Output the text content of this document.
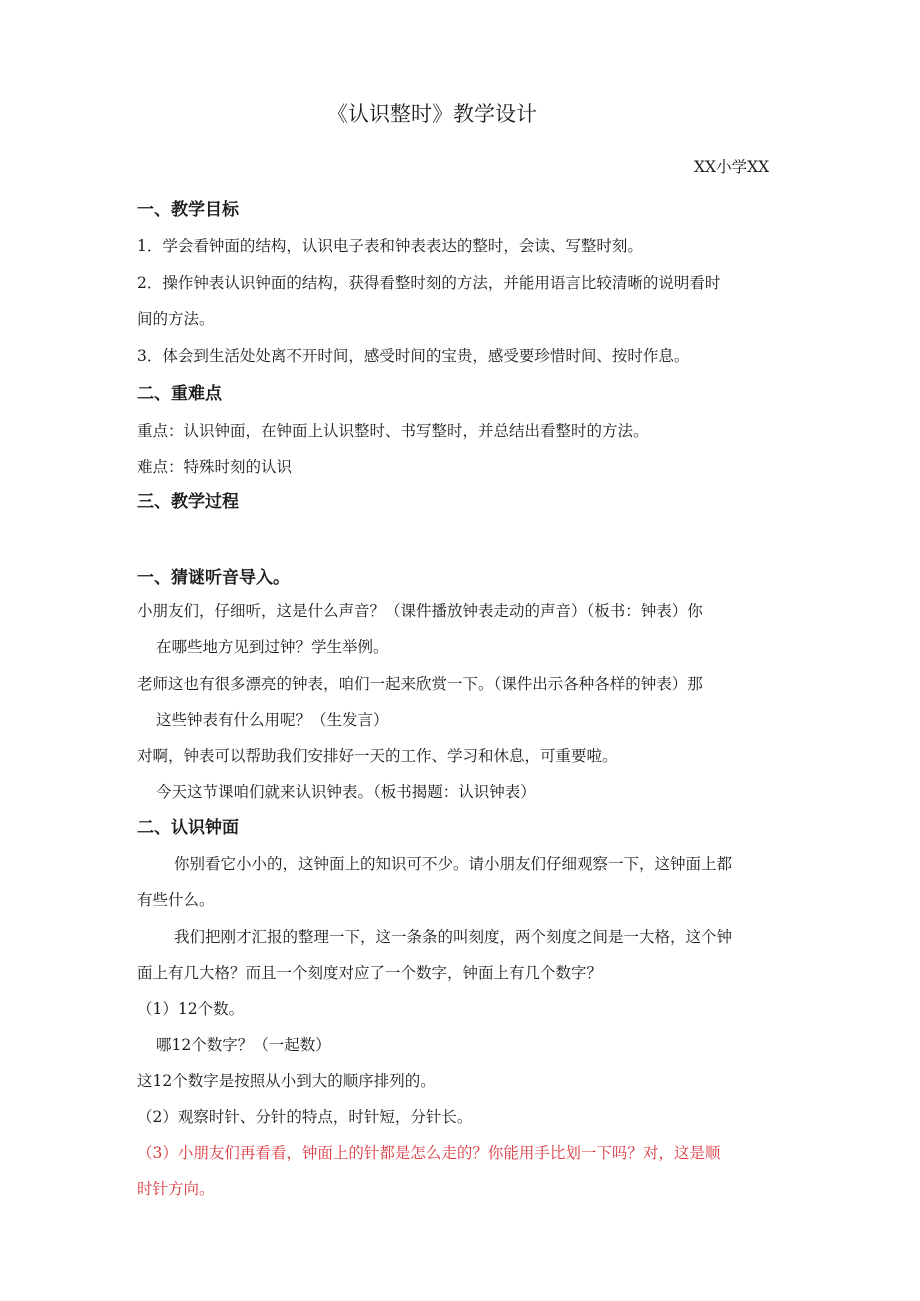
《认识整时》教学设计
XX小学XX
一、教学目标
1．学会看钟面的结构，认识电子表和钟表表达的整时，会读、写整时刻。
2．操作钟表认识钟面的结构，获得看整时刻的方法，并能用语言比较清晰的说明看时
间的方法。
3．体会到生活处处离不开时间，感受时间的宝贵，感受要珍惜时间、按时作息。
二、重难点
重点：认识钟面，在钟面上认识整时、书写整时，并总结出看整时的方法。
难点：特殊时刻的认识
三、教学过程
一、猜谜听音导入。
小朋友们，仔细听，这是什么声音？（课件播放钟表走动的声音）（板书：钟表）你
在哪些地方见到过钟？学生举例。
老师这也有很多漂亮的钟表，咱们一起来欣赏一下。（课件出示各种各样的钟表）那
这些钟表有什么用呢？（生发言）
对啊，钟表可以帮助我们安排好一天的工作、学习和休息，可重要啦。
今天这节课咱们就来认识钟表。（板书揭题：认识钟表）
二、认识钟面
你别看它小小的，这钟面上的知识可不少。请小朋友们仔细观察一下，这钟面上都
有些什么。
我们把刚才汇报的整理一下，这一条条的叫刻度，两个刻度之间是一大格，这个钟
面上有几大格？而且一个刻度对应了一个数字，钟面上有几个数字？
（1）12个数。
哪12个数字？（一起数）
这12个数字是按照从小到大的顺序排列的。
（2）观察时针、分针的特点，时针短，分针长。
（3）小朋友们再看看，钟面上的针都是怎么走的？你能用手比划一下吗？对，这是顺
时针方向。
